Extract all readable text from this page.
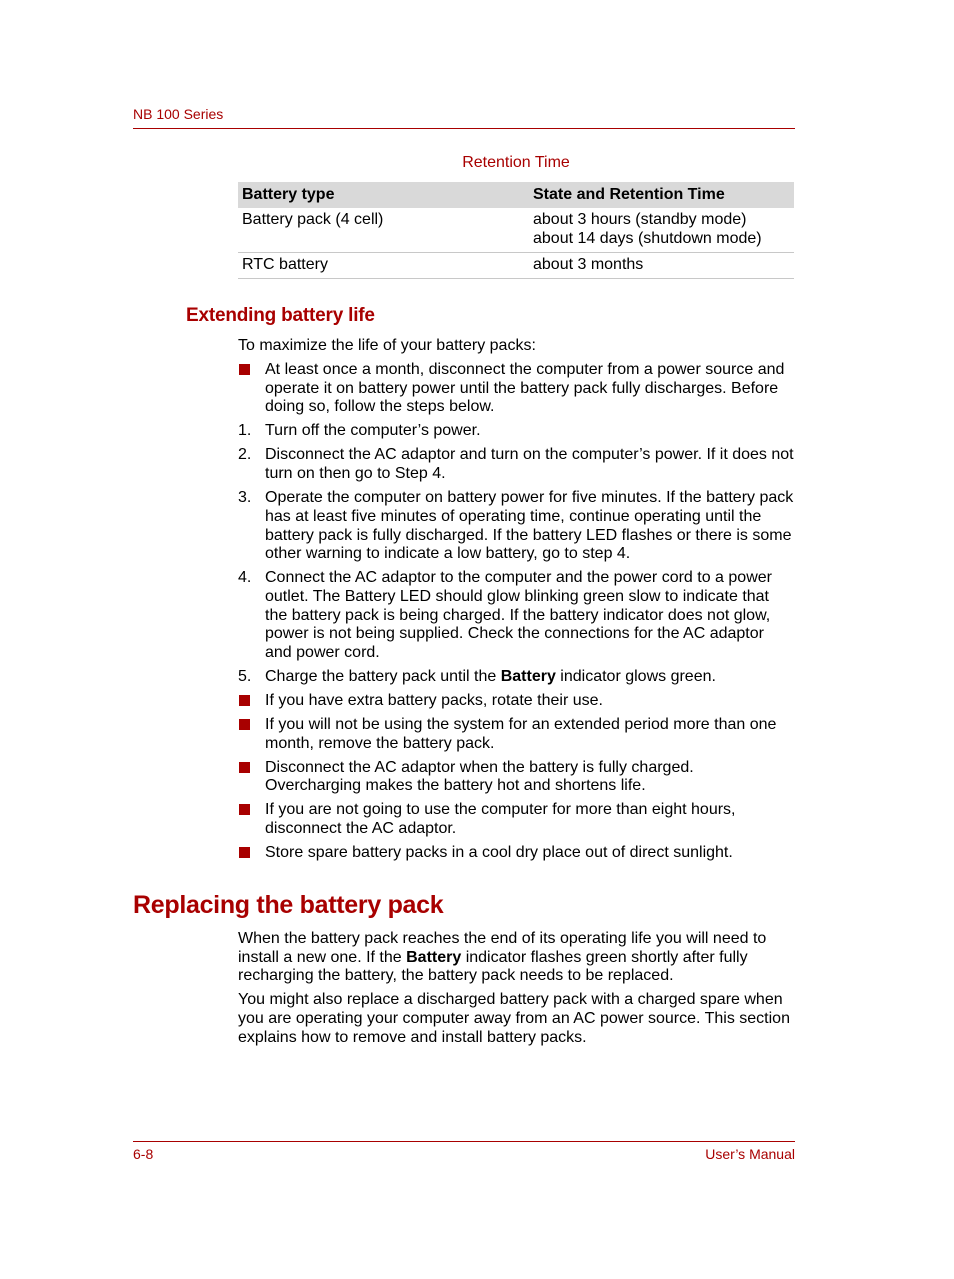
NB 100 Series
Retention Time
Battery type	State and Retention Time
Battery pack (4 cell)	about 3 hours (standby mode)
about 14 days (shutdown mode)

RTC battery	about 3 months
Extending battery life
To maximize the life of your battery packs:
At least once a month, disconnect the computer from a power source and operate it on battery power until the battery pack fully discharges. Before doing so, follow the steps below.
1. Turn off the computer’s power.
2. Disconnect the AC adaptor and turn on the computer’s power. If it does not turn on then go to Step 4.
3. Operate the computer on battery power for five minutes. If the battery pack has at least five minutes of operating time, continue operating until the battery pack is fully discharged. If the battery LED flashes or there is some other warning to indicate a low battery, go to step 4.
4. Connect the AC adaptor to the computer and the power cord to a power outlet. The Battery LED should glow blinking green slow to indicate that the battery pack is being charged. If the battery indicator does not glow, power is not being supplied. Check the connections for the AC adaptor and power cord.
5. Charge the battery pack until the Battery indicator glows green.
If you have extra battery packs, rotate their use.
If you will not be using the system for an extended period more than one month, remove the battery pack.
Disconnect the AC adaptor when the battery is fully charged. Overcharging makes the battery hot and shortens life.
If you are not going to use the computer for more than eight hours, disconnect the AC adaptor.
Store spare battery packs in a cool dry place out of direct sunlight.
Replacing the battery pack

When the battery pack reaches the end of its operating life you will need to install a new one. If the Battery indicator flashes green shortly after fully recharging the battery, the battery pack needs to be replaced.

You might also replace a discharged battery pack with a charged spare when you are operating your computer away from an AC power source. This section explains how to remove and install battery packs.

6-8	User’s Manual
